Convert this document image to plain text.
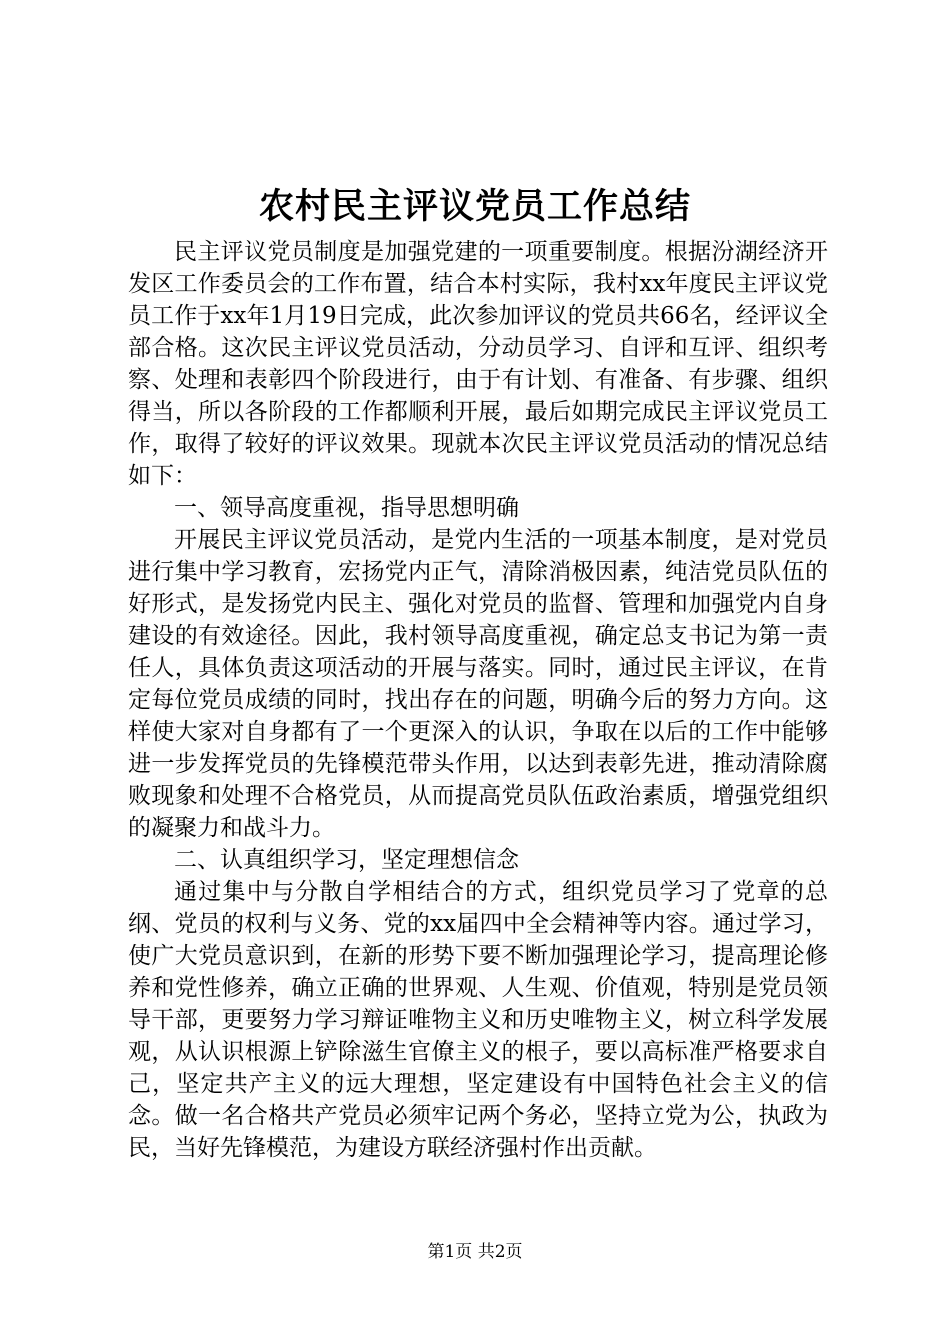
农村民主评议党员工作总结

民主评议党员制度是加强党建的一项重要制度。根据汾湖经济开发区工作委员会的工作布置，结合本村实际，我村xx年度民主评议党员工作于xx年1月19日完成，此次参加评议的党员共66名，经评议全部合格。这次民主评议党员活动，分动员学习、自评和互评、组织考察、处理和表彰四个阶段进行，由于有计划、有准备、有步骤、组织得当，所以各阶段的工作都顺利开展，最后如期完成民主评议党员工作，取得了较好的评议效果。现就本次民主评议党员活动的情况总结如下：

一、领导高度重视，指导思想明确

开展民主评议党员活动，是党内生活的一项基本制度，是对党员进行集中学习教育，宏扬党内正气，清除消极因素，纯洁党员队伍的好形式，是发扬党内民主、强化对党员的监督、管理和加强党内自身建设的有效途径。因此，我村领导高度重视，确定总支书记为第一责任人，具体负责这项活动的开展与落实。同时，通过民主评议，在肯定每位党员成绩的同时，找出存在的问题，明确今后的努力方向。这样使大家对自身都有了一个更深入的认识，争取在以后的工作中能够进一步发挥党员的先锋模范带头作用，以达到表彰先进，推动清除腐败现象和处理不合格党员，从而提高党员队伍政治素质，增强党组织的凝聚力和战斗力。

二、认真组织学习，坚定理想信念

通过集中与分散自学相结合的方式，组织党员学习了党章的总纲、党员的权利与义务、党的xx届四中全会精神等内容。通过学习，使广大党员意识到，在新的形势下要不断加强理论学习，提高理论修养和党性修养，确立正确的世界观、人生观、价值观，特别是党员领导干部，更要努力学习辩证唯物主义和历史唯物主义，树立科学发展观，从认识根源上铲除滋生官僚主义的根子，要以高标准严格要求自己，坚定共产主义的远大理想，坚定建设有中国特色社会主义的信念。做一名合格共产党员必须牢记两个务必，坚持立党为公，执政为民，当好先锋模范，为建设方联经济强村作出贡献。

第1页 共2页
